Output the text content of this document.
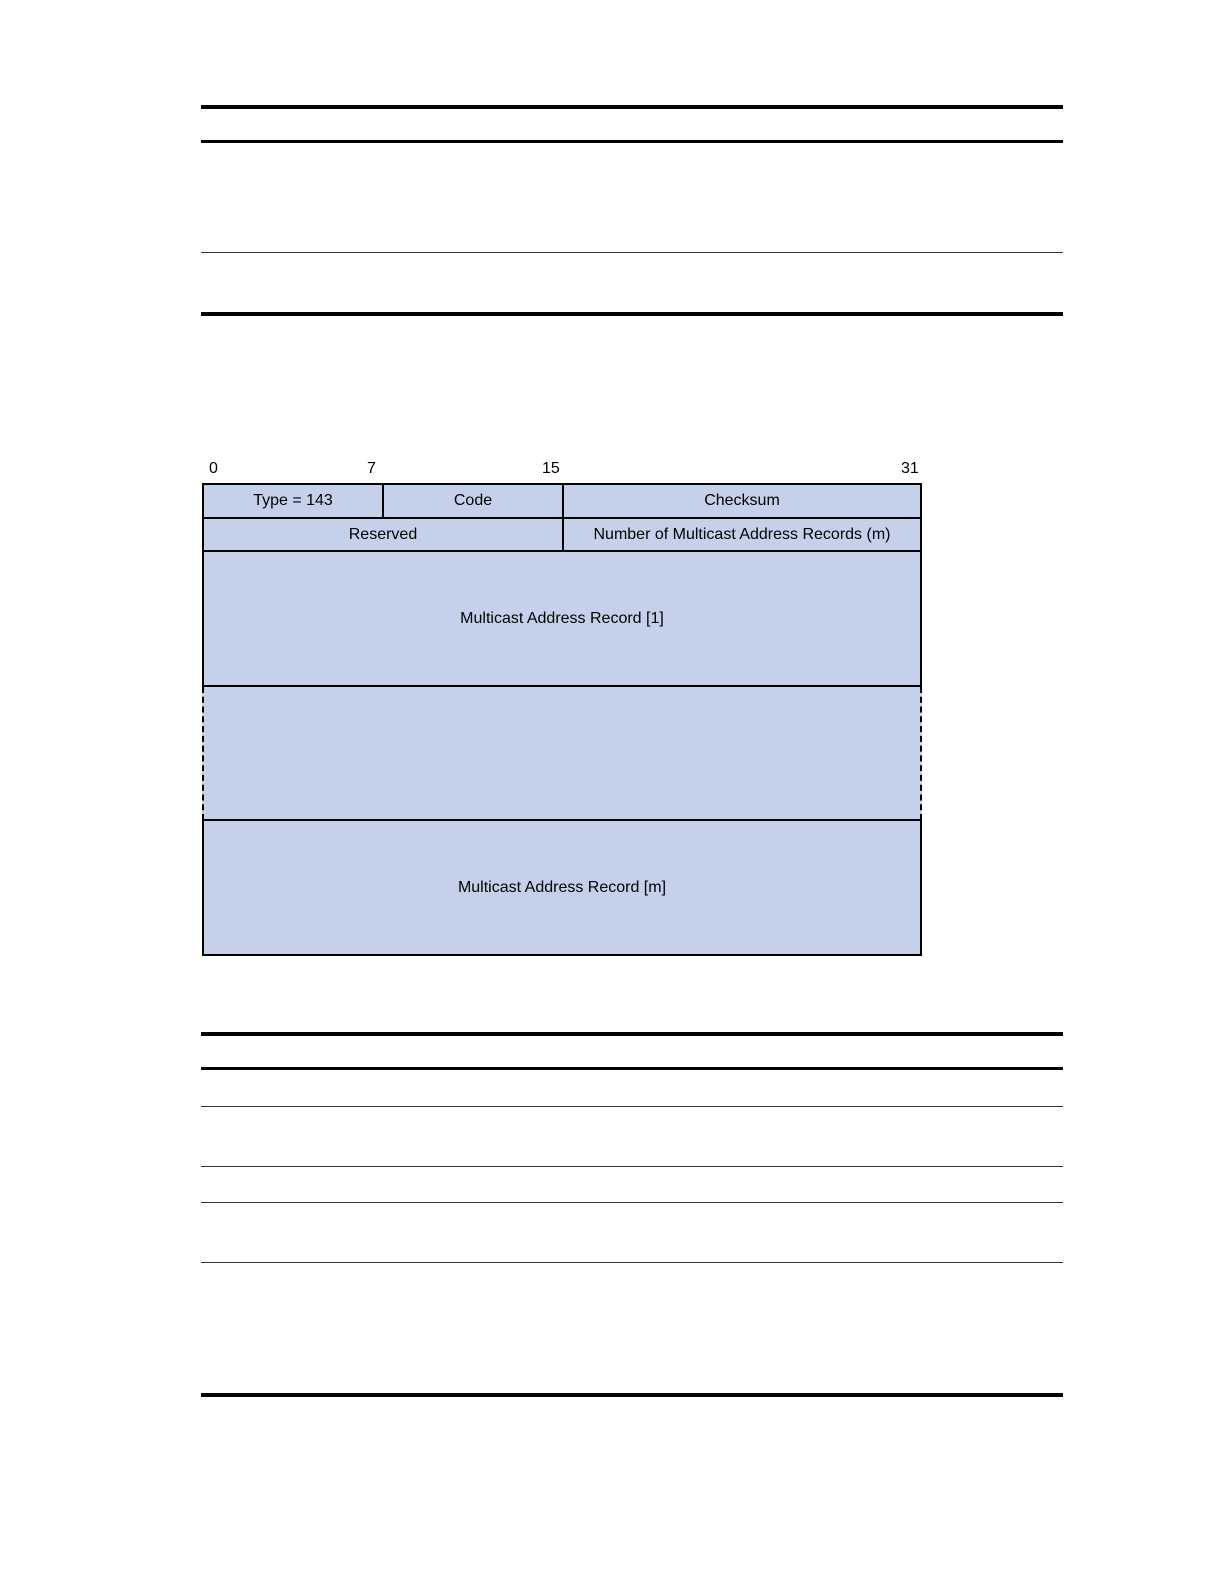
0	7	15	31
Type = 143	Code	Checksum
Reserved	Number of Multicast Address Records (m)
Multicast Address Record [1]
Multicast Address Record [m]
